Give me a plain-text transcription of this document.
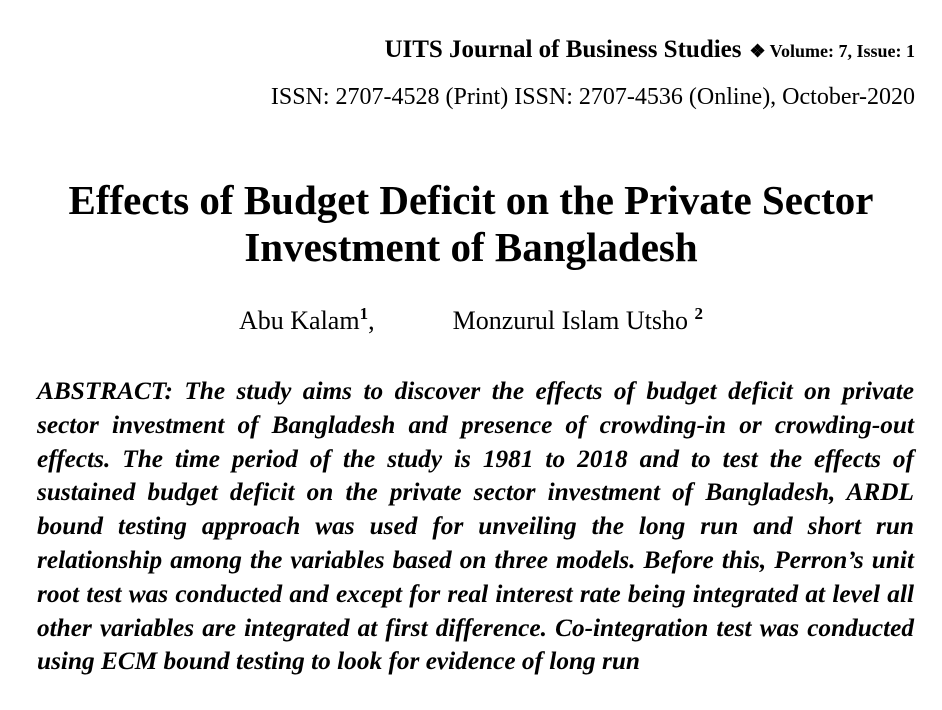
UITS Journal of Business Studies ❖ Volume: 7, Issue: 1
ISSN: 2707-4528 (Print) ISSN: 2707-4536 (Online), October-2020
Effects of Budget Deficit on the Private Sector
Investment of Bangladesh
Abu Kalam$^1$,	Monzurul Islam Utsho $^2$

ABSTRACT: The study aims to discover the effects of budget deficit on private sector investment of Bangladesh and presence of crowding-in or crowding-out effects. The time period of the study is 1981 to 2018 and to test the effects of sustained budget deficit on the private sector investment of Bangladesh, ARDL bound testing approach was used for unveiling the long run and short run relationship among the variables based on three models. Before this, Perron’s unit root test was conducted and except for real interest rate being integrated at level all other variables are integrated at first difference. Co-integration test was conducted using ECM bound testing to look for evidence of long run
